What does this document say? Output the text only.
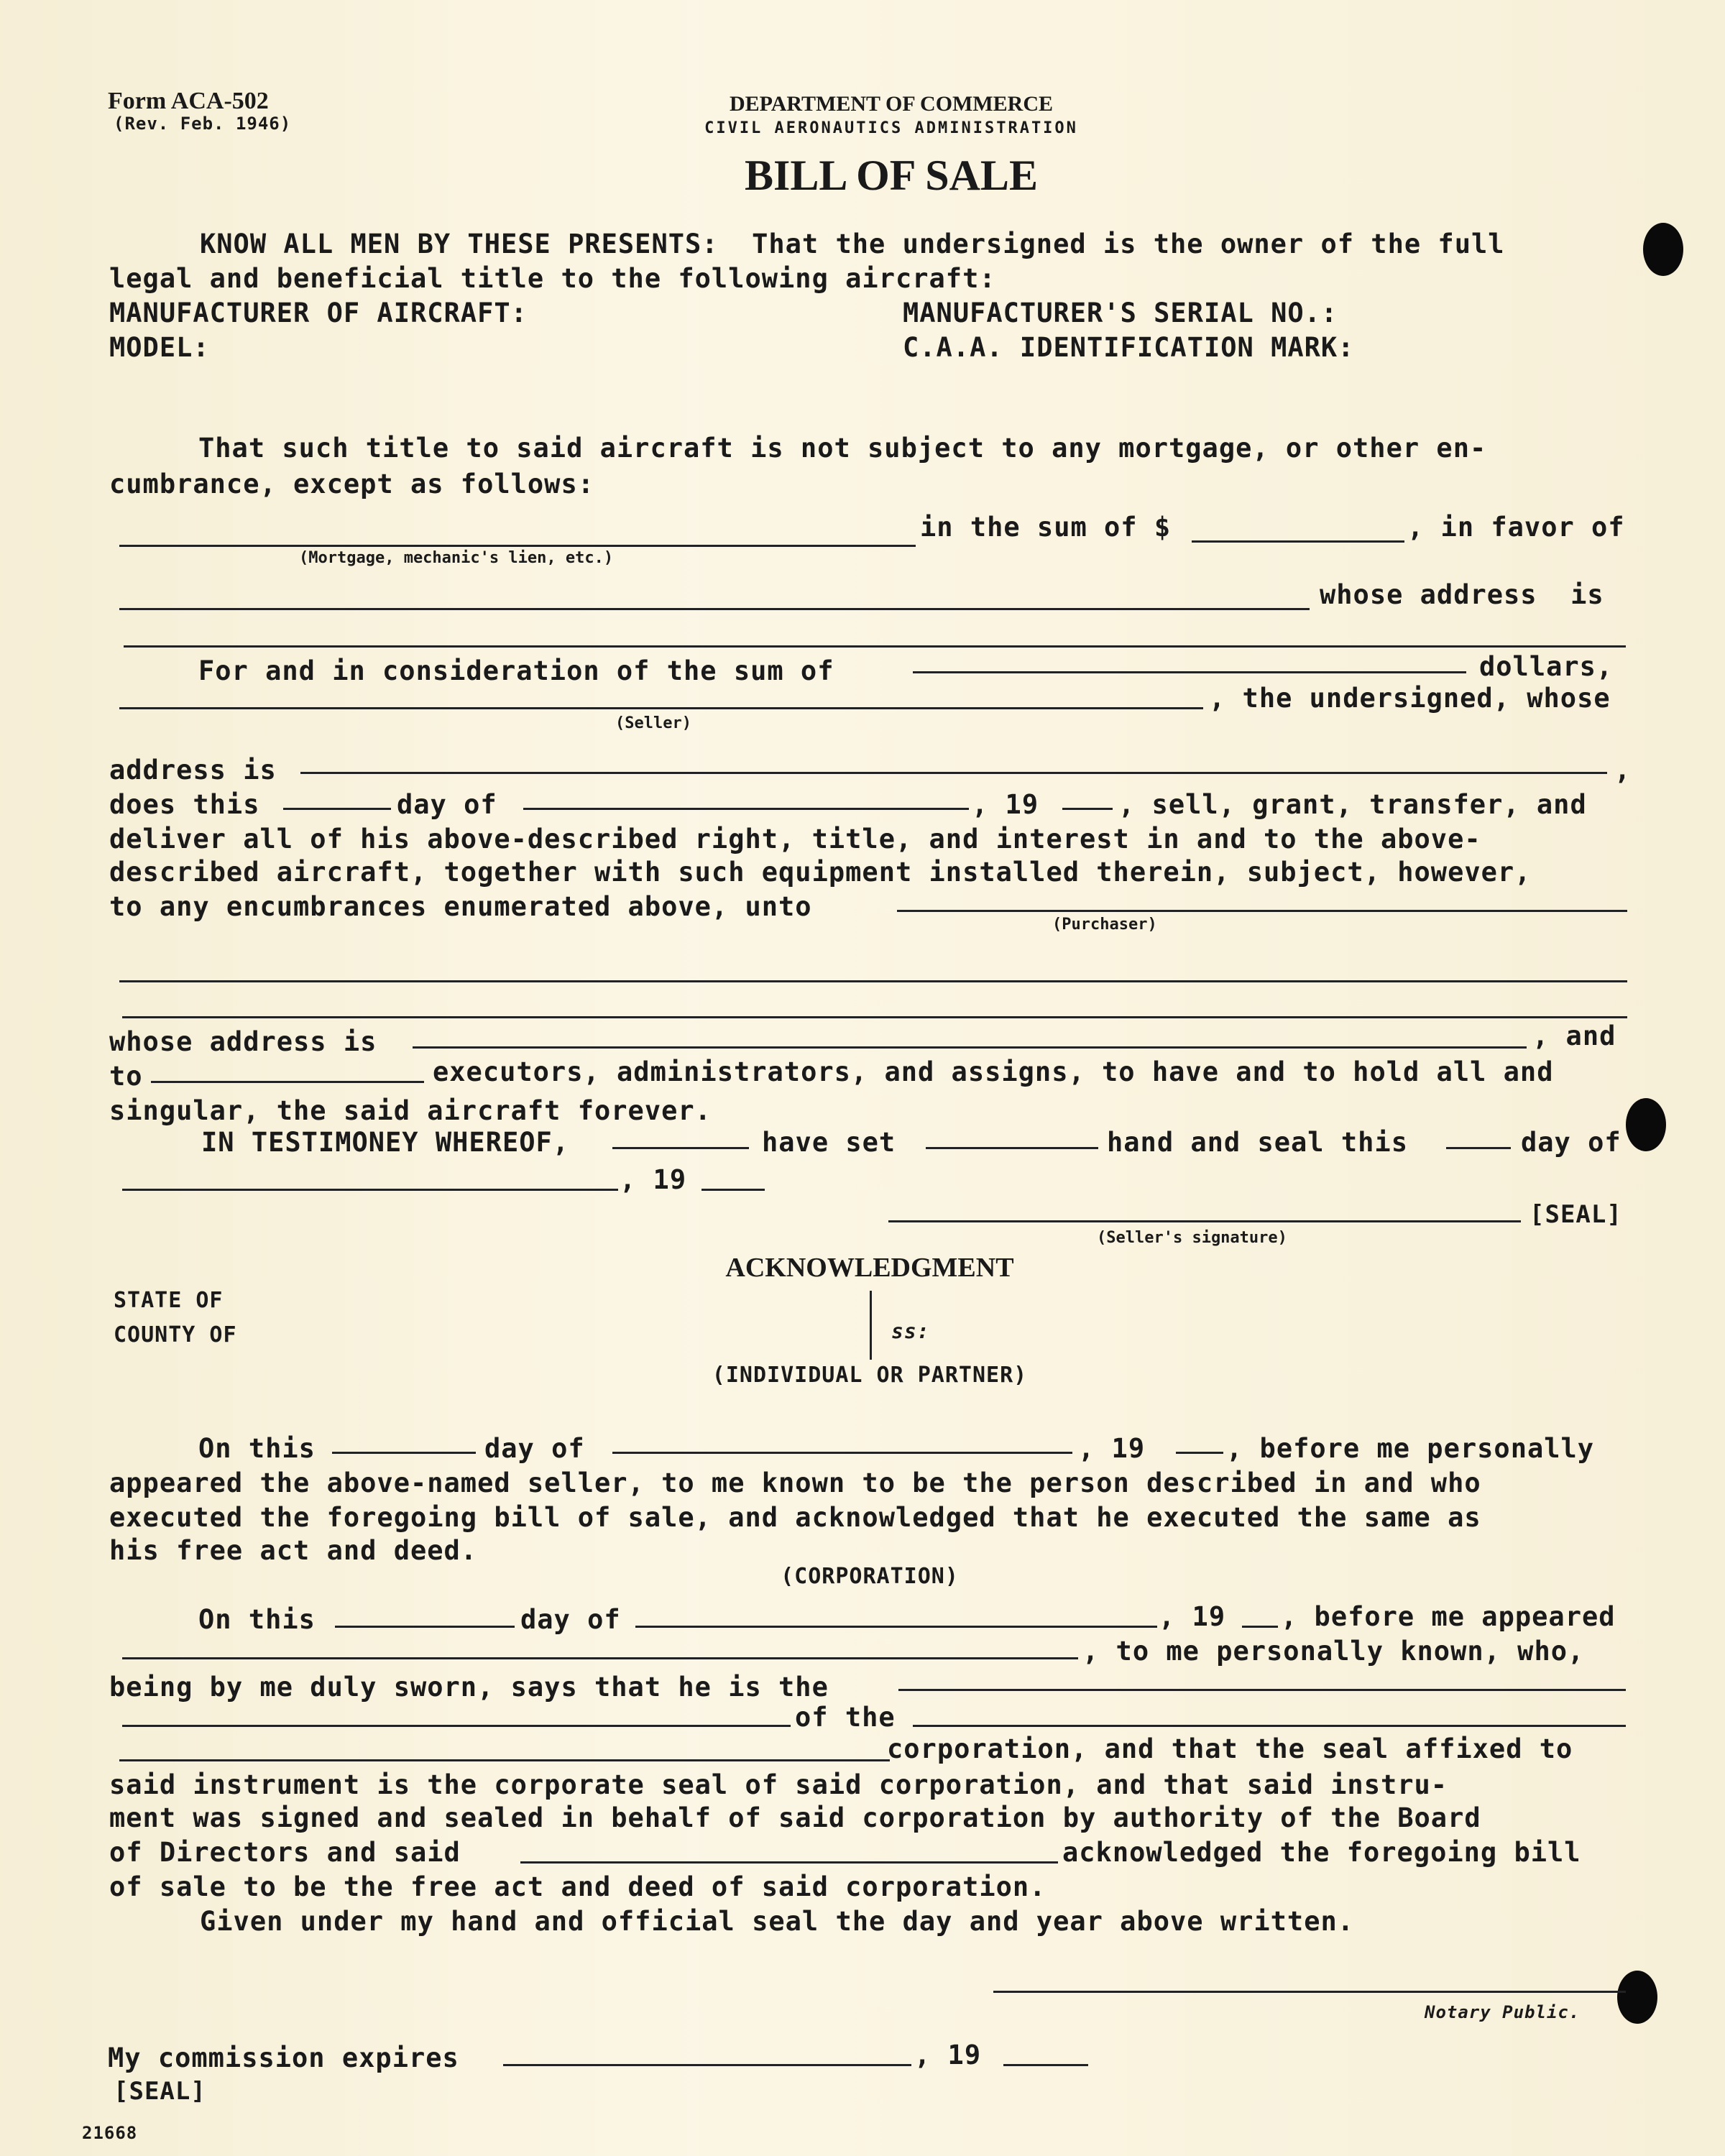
Form ACA-502
(Rev. Feb. 1946)
DEPARTMENT OF COMMERCE
CIVIL AERONAUTICS ADMINISTRATION
BILL OF SALE
KNOW ALL MEN BY THESE PRESENTS:  That the undersigned is the owner of the full
legal and beneficial title to the following aircraft:
MANUFACTURER OF AIRCRAFT:	MANUFACTURER'S SERIAL NO.:
MODEL:	C.A.A. IDENTIFICATION MARK:
That such title to said aircraft is not subject to any mortgage, or other en-
cumbrance, except as follows:
in the sum of $	, in favor of
(Mortgage, mechanic's lien, etc.)
whose address  is
For and in consideration of the sum of	dollars,
, the undersigned, whose
(Seller)
address is	,
does this	day of	, 19	, sell, grant, transfer, and
deliver all of his above-described right, title, and interest in and to the above-
described aircraft, together with such equipment installed therein, subject, however,
to any encumbrances enumerated above, unto
(Purchaser)
whose address is	, and
to	executors, administrators, and assigns, to have and to hold all and
singular, the said aircraft forever.
IN TESTIMONEY WHEREOF,	have set	hand and seal this	day of
, 19
[SEAL]
(Seller's signature)
ACKNOWLEDGMENT
STATE OF
COUNTY OF	ss:
(INDIVIDUAL OR PARTNER)
On this	day of	, 19	, before me personally
appeared the above-named seller, to me known to be the person described in and who
executed the foregoing bill of sale, and acknowledged that he executed the same as
his free act and deed.
(CORPORATION)
On this	day of	, 19 , before me appeared
, to me personally known, who,
being by me duly sworn, says that he is the
of the
corporation, and that the seal affixed to
said instrument is the corporate seal of said corporation, and that said instru-
ment was signed and sealed in behalf of said corporation by authority of the Board
of Directors and said	acknowledged the foregoing bill
of sale to be the free act and deed of said corporation.
Given under my hand and official seal the day and year above written.
Notary Public.
My commission expires	, 19
[SEAL]
21668
